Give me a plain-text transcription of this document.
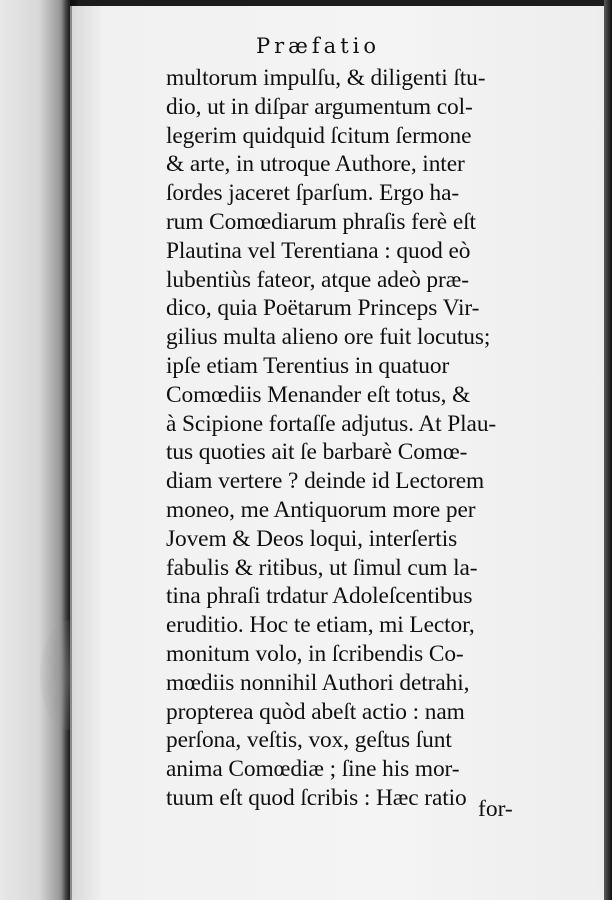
Præfatio
multorum impulſu, & diligenti ſtu- dio, ut in diſpar argumentum col- legerim quidquid ſcitum ſermone & arte, in utroque Authore, inter ſordes jaceret ſparſum. Ergo ha- rum Comœdiarum phraſis ferè eſt Plautina vel Terentiana : quod eò lubentiùs fateor, atque adeò præ- dico, quia Poëtarum Princeps Vir- gilius multa alieno ore fuit locutus; ipſe etiam Terentius in quatuor Comœdiis Menander eſt totus, & à Scipione fortaſſe adjutus. At Plau- tus quoties ait ſe barbarè Comœ- diam vertere ? deinde id Lectorem moneo, me Antiquorum more per Jovem & Deos loqui, interſertis fabulis & ritibus, ut ſimul cum la- tina phraſi trdatur Adoleſcentibus eruditio. Hoc te etiam, mi Lector, monitum volo, in ſcribendis Co- mœdiis nonnihil Authori detrahi, propterea quòd abeſt actio : nam perſona, veſtis, vox, geſtus ſunt anima Comœdiæ ; ſine his mor- tuum eſt quod ſcribis : Hæc ratio for-
